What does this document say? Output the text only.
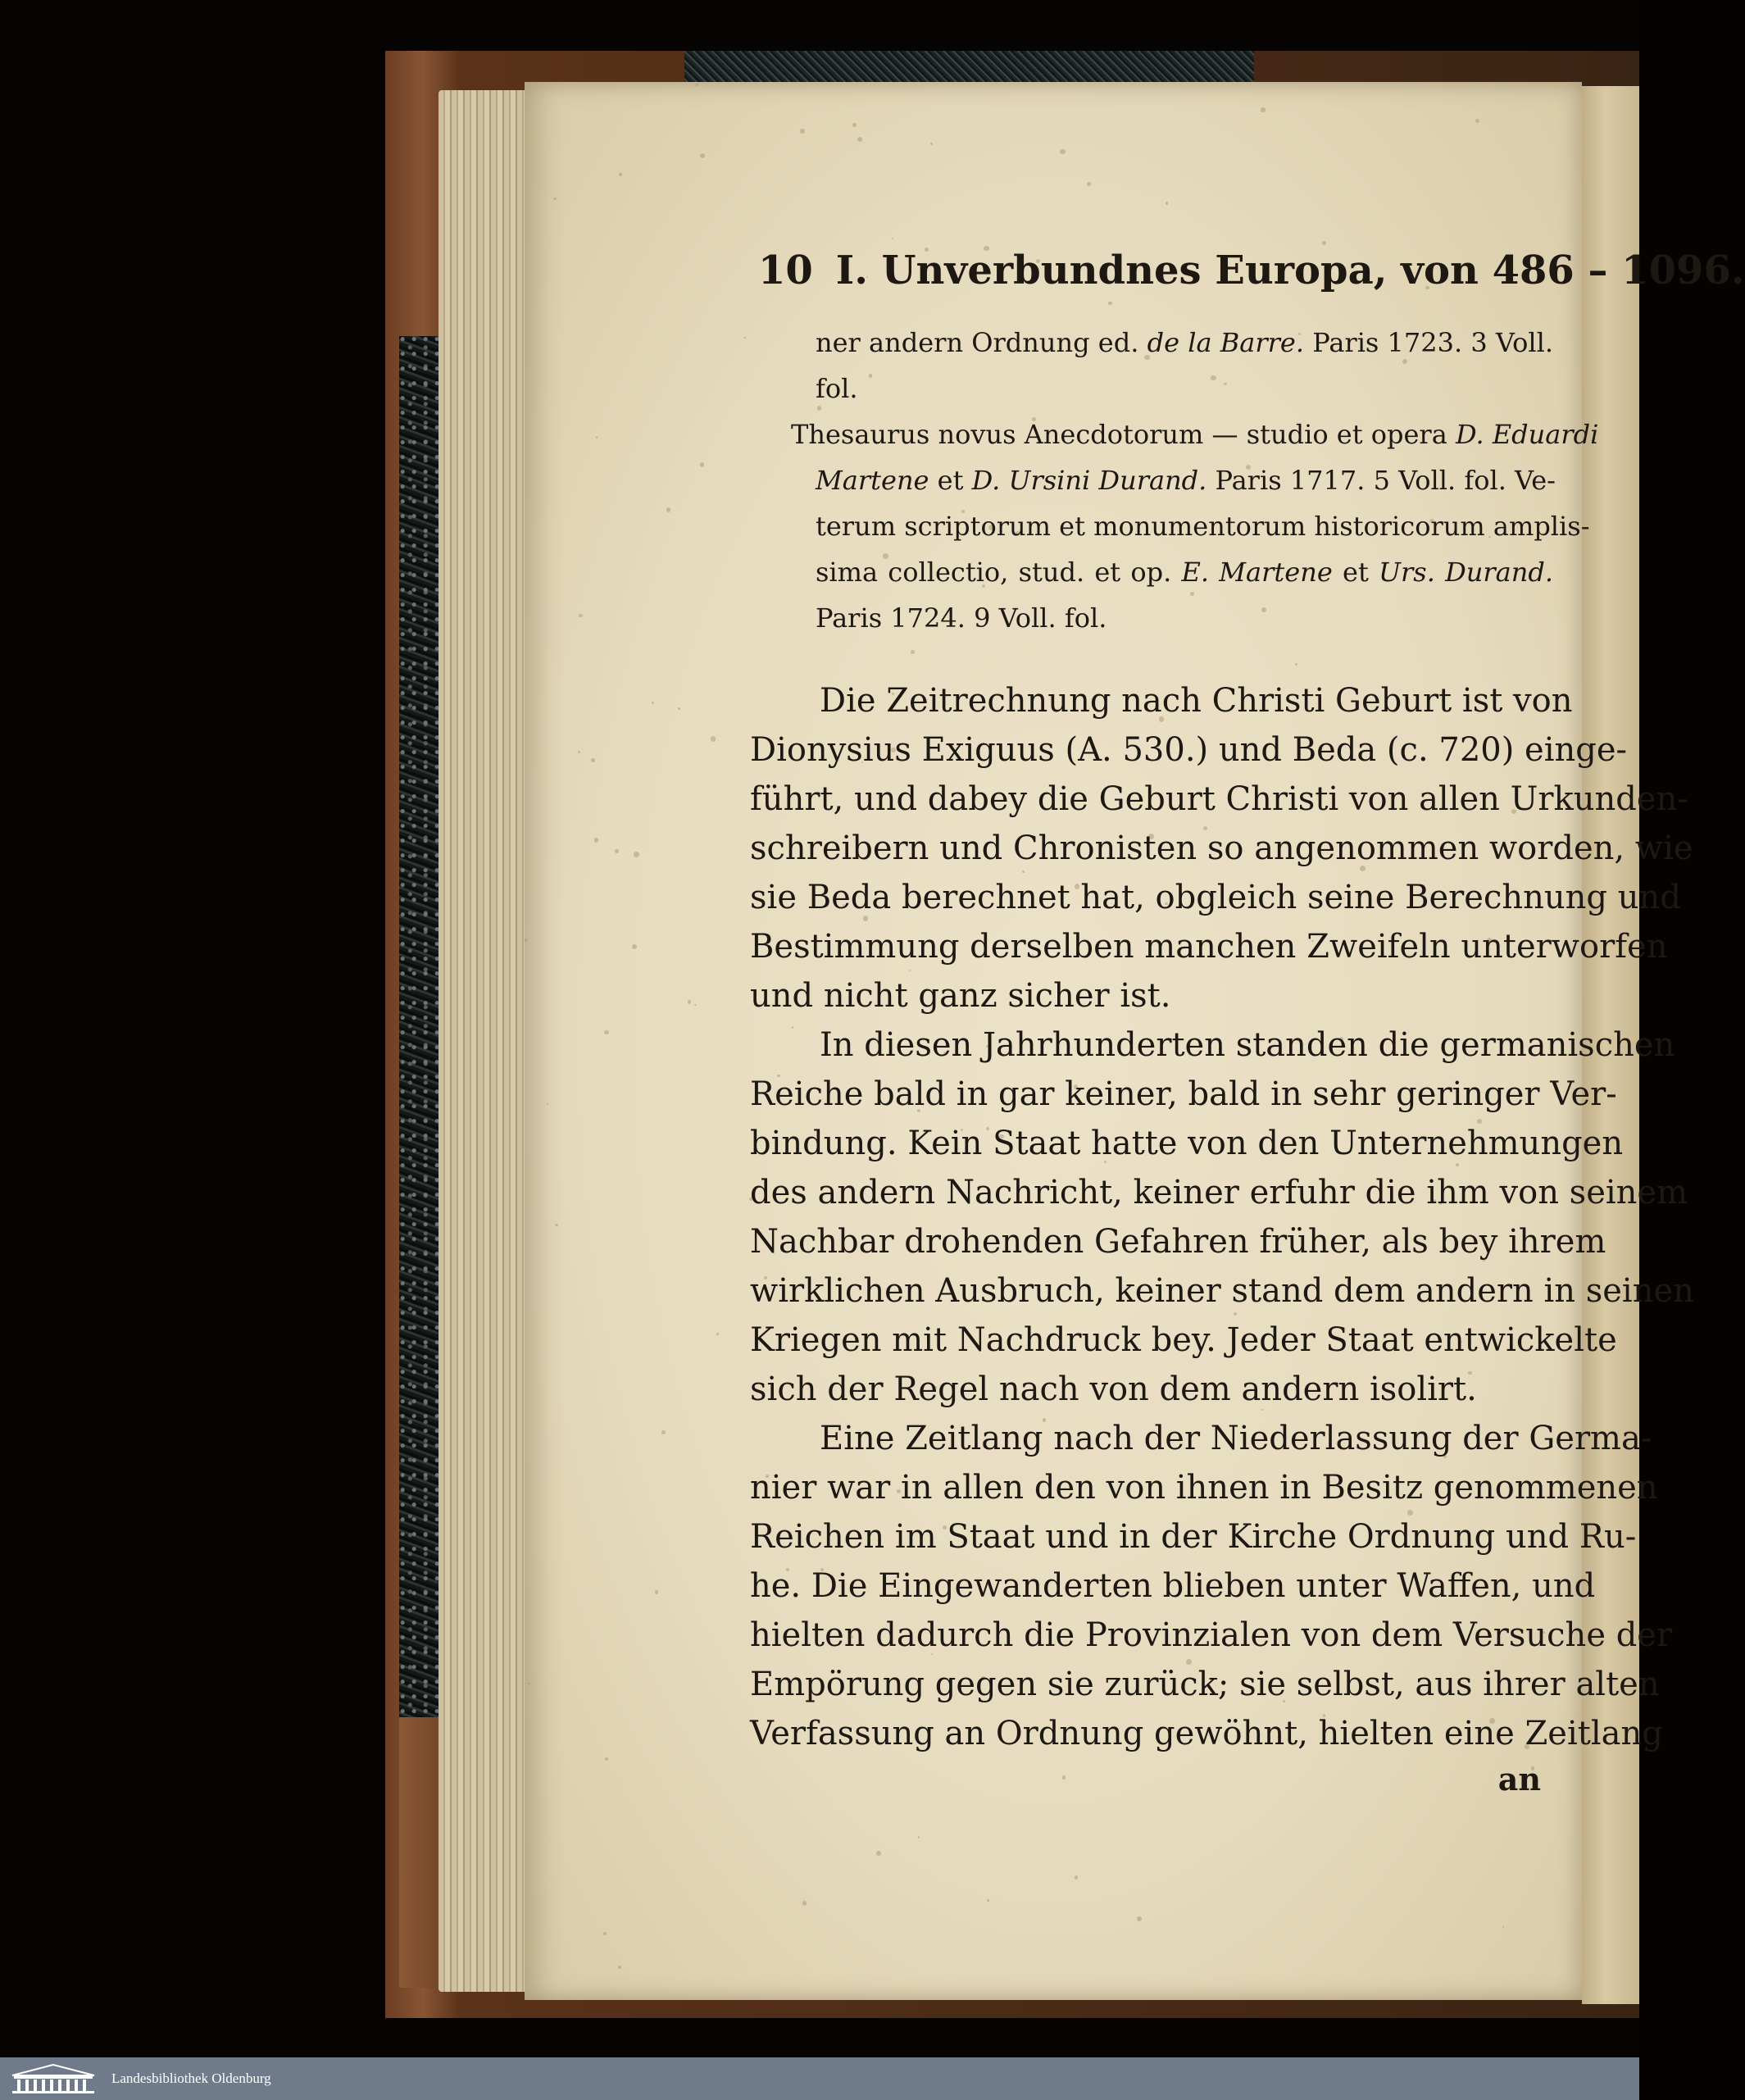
10 I. Unverbundnes Europa, von 486 – 1096.
ner andern Ordnung ed. de la Barre. Paris 1723. 3 Voll.
fol.
Thesaurus novus Anecdotorum — studio et opera D. Eduardi
Martene et D. Ursini Durand. Paris 1717. 5 Voll. fol. Ve-
terum scriptorum et monumentorum historicorum amplis-
sima collectio, stud. et op. E. Martene et Urs. Durand.
Paris 1724. 9 Voll. fol.
Die Zeitrechnung nach Christi Geburt ist von
Dionysius Exiguus (A. 530.) und Beda (c. 720) einge-
führt, und dabey die Geburt Christi von allen Urkunden-
schreibern und Chronisten so angenommen worden, wie
sie Beda berechnet hat, obgleich seine Berechnung und
Bestimmung derselben manchen Zweifeln unterworfen
und nicht ganz sicher ist.
In diesen Jahrhunderten standen die germanischen
Reiche bald in gar keiner, bald in sehr geringer Ver-
bindung. Kein Staat hatte von den Unternehmungen
des andern Nachricht, keiner erfuhr die ihm von seinem
Nachbar drohenden Gefahren früher, als bey ihrem
wirklichen Ausbruch, keiner stand dem andern in seinen
Kriegen mit Nachdruck bey. Jeder Staat entwickelte
sich der Regel nach von dem andern isolirt.
Eine Zeitlang nach der Niederlassung der Germa-
nier war in allen den von ihnen in Besitz genommenen
Reichen im Staat und in der Kirche Ordnung und Ru-
he. Die Eingewanderten blieben unter Waffen, und
hielten dadurch die Provinzialen von dem Versuche der
Empörung gegen sie zurück; sie selbst, aus ihrer alten
Verfassung an Ordnung gewöhnt, hielten eine Zeitlang
an
Landesbibliothek Oldenburg
